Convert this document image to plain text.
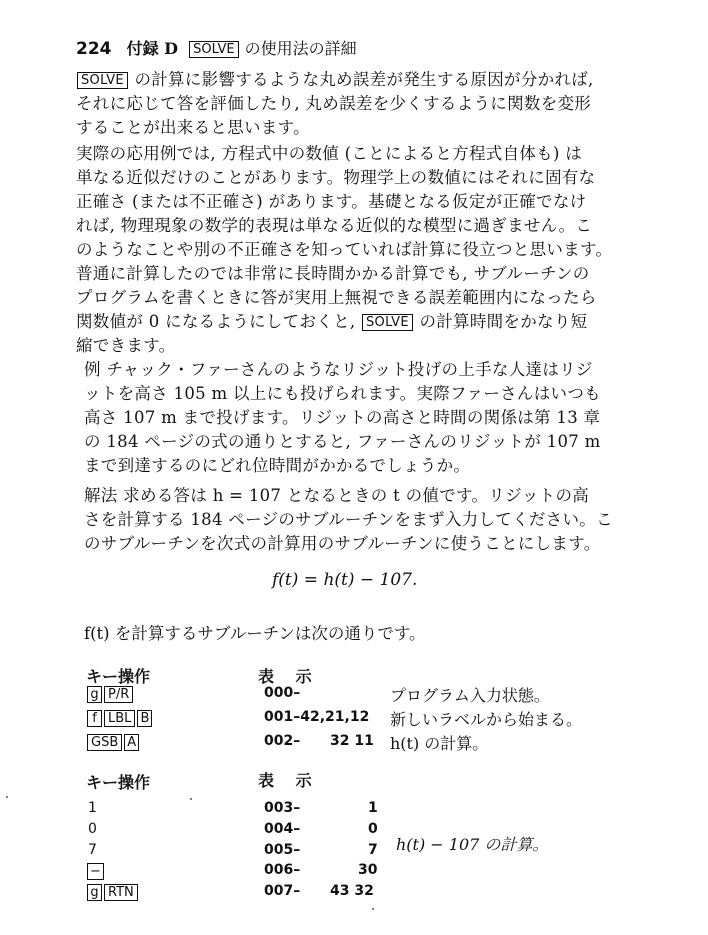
224 付録 D SOLVE の使用法の詳細
SOLVE の計算に影響するような丸め誤差が発生する原因が分かれば,
それに応じて答を評価したり, 丸め誤差を少くするように関数を変形
することが出来ると思います。
実際の応用例では, 方程式中の数値 (ことによると方程式自体も) は
単なる近似だけのことがあります。物理学上の数値にはそれに固有な
正確さ (または不正確さ) があります。基礎となる仮定が正確でなけ
れば, 物理現象の数学的表現は単なる近似的な模型に過ぎません。こ
のようなことや別の不正確さを知っていれば計算に役立つと思います。
普通に計算したのでは非常に長時間かかる計算でも, サブルーチンの
プログラムを書くときに答が実用上無視できる誤差範囲内になったら
関数値が 0 になるようにしておくと, SOLVE の計算時間をかなり短
縮できます。
例 チャック・ファーさんのようなリジット投げの上手な人達はリジ
ットを高さ 105 m 以上にも投げられます。実際ファーさんはいつも
高さ 107 m まで投げます。リジットの高さと時間の関係は第 13 章
の 184 ページの式の通りとすると, ファーさんのリジットが 107 m
まで到達するのにどれ位時間がかかるでしょうか。
解法 求める答は h = 107 となるときの t の値です。リジットの高
さを計算する 184 ページのサブルーチンをまず入力してください。こ
のサブルーチンを次式の計算用のサブルーチンに使うことにします。
f(t) = h(t) − 107.
f(t) を計算するサブルーチンは次の通りです。
キー操作	表 示
g P/R	000–	プログラム入力状態。
f LBL B	001–42,21,12 新しいラベルから始まる。
GSB A	002– 32 11 h(t) の計算。
キー操作	表 示
1	003–	1
0	004–	0
7	005–	7
−	006–	30
g RTN	007– 43 32
h(t) − 107 の計算。
